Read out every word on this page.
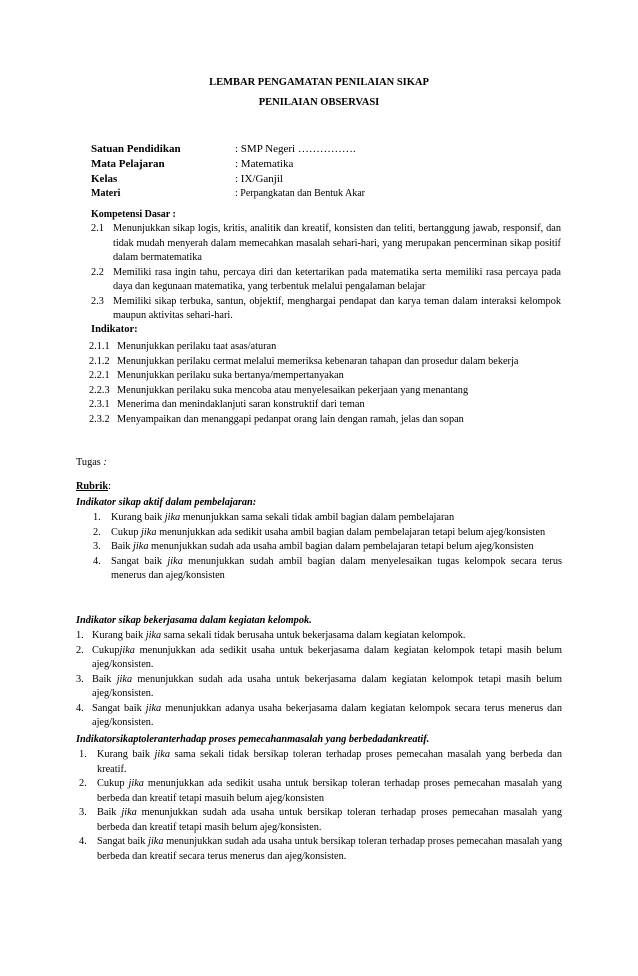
LEMBAR PENGAMATAN PENILAIAN SIKAP
PENILAIAN OBSERVASI
Satuan Pendidikan	: SMP Negeri …………….
Mata Pelajaran	: Matematika
Kelas	: IX/Ganjil
Materi	: Perpangkatan dan Bentuk Akar
Kompetensi Dasar :
2.1 Menunjukkan sikap logis, kritis, analitik dan kreatif, konsisten dan teliti, bertanggung jawab, responsif, dan tidak mudah menyerah dalam memecahkan masalah sehari-hari, yang merupakan pencerminan sikap positif dalam bermatematika
2.2 Memiliki rasa ingin tahu, percaya diri dan ketertarikan pada matematika serta memiliki rasa percaya pada daya dan kegunaan matematika, yang terbentuk melalui pengalaman belajar
2.3 Memiliki sikap terbuka, santun, objektif, menghargai pendapat dan karya teman dalam interaksi kelompok maupun aktivitas sehari-hari.
Indikator:
2.1.1 Menunjukkan perilaku taat asas/aturan
2.1.2 Menunjukkan perilaku cermat melalui memeriksa kebenaran tahapan dan prosedur dalam bekerja
2.2.1 Menunjukkan perilaku suka bertanya/mempertanyakan
2.2.3 Menunjukkan perilaku suka mencoba atau menyelesaikan pekerjaan yang menantang
2.3.1 Menerima dan menindaklanjuti saran konstruktif dari teman
2.3.2 Menyampaikan dan menanggapi pedanpat orang lain dengan ramah, jelas dan sopan
Tugas :
Rubrik:
Indikator sikap aktif dalam pembelajaran:
1. Kurang baik jika menunjukkan sama sekali tidak ambil bagian dalam pembelajaran
2. Cukup jika menunjukkan ada sedikit usaha ambil bagian dalam pembelajaran tetapi belum ajeg/konsisten
3. Baik jika menunjukkan sudah ada usaha ambil bagian dalam pembelajaran tetapi belum ajeg/konsisten
4. Sangat baik jika menunjukkan sudah ambil bagian dalam menyelesaikan tugas kelompok secara terus menerus dan ajeg/konsisten
Indikator sikap bekerjasama dalam kegiatan kelompok.
1. Kurang baik jika sama sekali tidak berusaha untuk bekerjasama dalam kegiatan kelompok.
2. Cukupjika menunjukkan ada sedikit usaha untuk bekerjasama dalam kegiatan kelompok tetapi masih belum ajeg/konsisten.
3. Baik jika menunjukkan sudah ada usaha untuk bekerjasama dalam kegiatan kelompok tetapi masih belum ajeg/konsisten.
4. Sangat baik jika menunjukkan adanya usaha bekerjasama dalam kegiatan kelompok secara terus menerus dan ajeg/konsisten.
Indikatorsikaptoleranterhadap proses pemecahanmasalah yang berbedadankreatif.
1. Kurang baik jika sama sekali tidak bersikap toleran terhadap proses pemecahan masalah yang berbeda dan kreatif.
2. Cukup jika menunjukkan ada sedikit usaha untuk bersikap toleran terhadap proses pemecahan masalah yang berbeda dan kreatif tetapi masuih belum ajeg/konsisten
3. Baik jika menunjukkan sudah ada usaha untuk bersikap toleran terhadap proses pemecahan masalah yang berbeda dan kreatif tetapi masih belum ajeg/konsisten.
4. Sangat baik jika menunjukkan sudah ada usaha untuk bersikap toleran terhadap proses pemecahan masalah yang berbeda dan kreatif secara terus menerus dan ajeg/konsisten.
